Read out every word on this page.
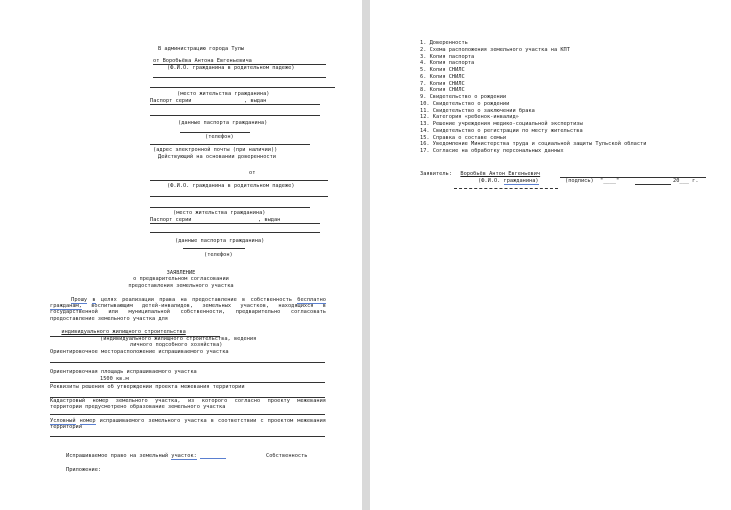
В администрацию города Тулы
от Воробьёва Антона Евгеньевича
(Ф.И.О. гражданина в родительном падеже)
(место жительства гражданина)
Паспорт серии	, выдан
(данные паспорта гражданина)
(телефон)
(адрес электронной почты (при наличии))
Действующий на основании доверенности
от
(Ф.И.О. гражданина в родительном падеже)
(место жительства гражданина)
Паспорт серии	, выдан
(данные паспорта гражданина)
(телефон)
ЗАЯВЛЕНИЕ
о предварительном согласовании
предоставления земельного участка
Прошу в целях реализации права на предоставление в собственность бесплатно гражданам, воспитывающим детей-инвалидов, земельных участков, находящихся в государственной или муниципальной собственности, предварительно согласовать предоставление земельного участка для
индивидуального жилищного строительства
(индивидуального жилищного строительства, ведения
личного подсобного хозяйства)
Ориентировочное месторасположение испрашиваемого участка
Ориентировочная площадь испрашиваемого участка
1500 кв.м
Реквизиты решения об утверждении проекта межевания территории
Кадастровый номер земельного участка, из которого согласно проекту межевания территории предусмотрено образование земельного участка
Условный номер испрашиваемого земельного участка в соответствии с проектом межевания территории
Испрашиваемое право на земельный участок:	Собственность
Приложение:
1. Доверенность
2. Схема расположения земельного участка на КПТ
3. Копия паспорта
4. Копия паспорта
5. Копия СНИЛС
6. Копия СНИЛС
7. Копия СНИЛС
8. Копия СНИЛС
9. Свидетельство о рождении
10. Свидетельство о рождении
11. Свидетельство о заключении брака
12. Категория «ребенок-инвалид»
13. Решение учреждения медико-социальной экспертизы
14. Свидетельство о регистрации по месту жительства
15. Справка о составе семьи
16. Уведомление Министерства труда и социальной защиты Тульской области
17. Согласие на обработку персональных данных
Заявитель:	Воробьёв Антон Евгеньевич
(Ф.И.О. гражданина)	(подпись) "____"	20___ г.
